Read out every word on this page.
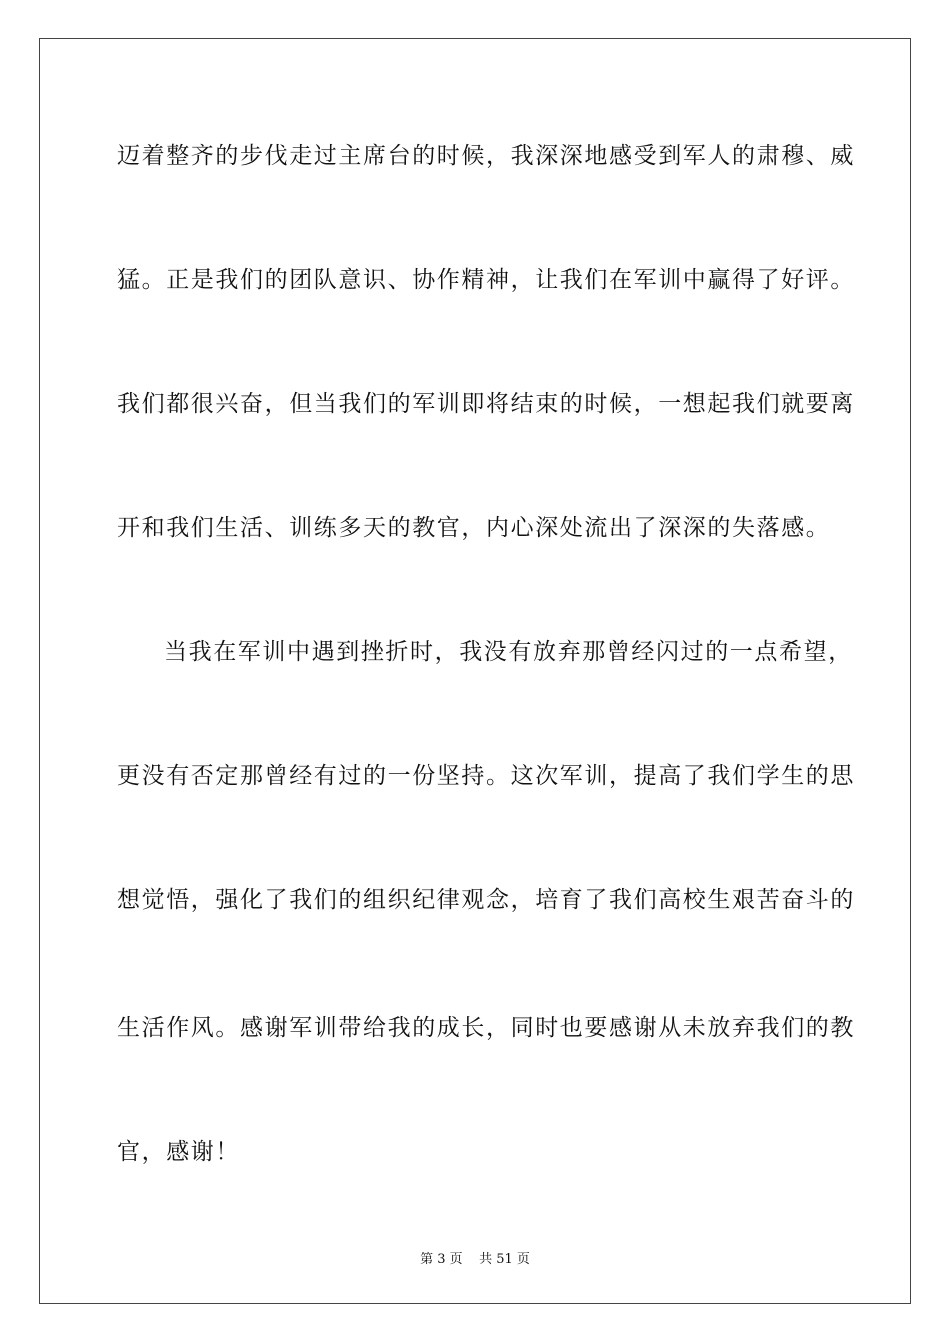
迈着整齐的步伐走过主席台的时候，我深深地感受到军人的肃穆、威

猛。正是我们的团队意识、协作精神，让我们在军训中赢得了好评。

我们都很兴奋，但当我们的军训即将结束的时候，一想起我们就要离

开和我们生活、训练多天的教官，内心深处流出了深深的失落感。

当我在军训中遇到挫折时，我没有放弃那曾经闪过的一点希望，

更没有否定那曾经有过的一份坚持。这次军训，提高了我们学生的思

想觉悟，强化了我们的组织纪律观念，培育了我们高校生艰苦奋斗的

生活作风。感谢军训带给我的成长，同时也要感谢从未放弃我们的教

官，感谢！

第 3 页    共 51 页
